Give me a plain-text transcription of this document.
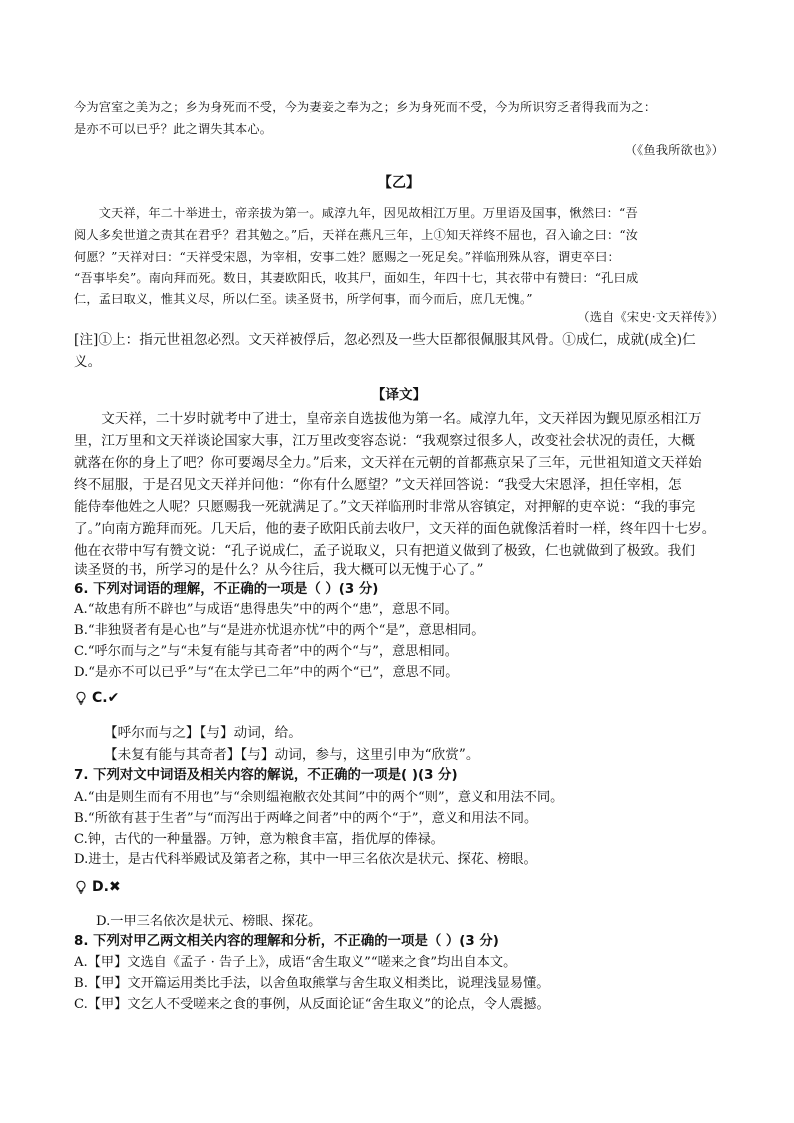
今为宫室之美为之；乡为身死而不受，今为妻妾之奉为之；乡为身死而不受，今为所识穷乏者得我而为之：
是亦不可以已乎？此之谓失其本心。
（《鱼我所欲也》）
【乙】
　　文天祥，年二十举进士，帝亲拔为第一。咸淳九年，因见故相江万里。万里语及国事，愀然曰：“吾
阅人多矣世道之责其在君乎？君其勉之。”后，天祥在燕凡三年，上①知天祥终不屈也，召入谕之曰：“汝
何愿？”天祥对曰：“天祥受宋恩，为宰相，安事二姓？愿赐之一死足矣。”祥临刑殊从容，谓吏卒曰：
“吾事毕矣”。南向拜而死。数日，其妻欧阳氏，收其尸，面如生，年四十七，其衣带中有赞曰：“孔曰成
仁，孟曰取义，惟其义尽，所以仁至。读圣贤书，所学何事，而今而后，庶几无愧。”
（选自《宋史·文天祥传》）
[注]①上：指元世祖忽必烈。文天祥被俘后，忽必烈及一些大臣都很佩服其风骨。①成仁，成就(成全)仁
义。
【译文】
　　文天祥，二十岁时就考中了进士，皇帝亲自选拔他为第一名。咸淳九年，文天祥因为觐见原丞相江万
里，江万里和文天祥谈论国家大事，江万里改变容态说：“我观察过很多人，改变社会状况的责任，大概
就落在你的身上了吧？你可要竭尽全力。”后来，文天祥在元朝的首都燕京呆了三年，元世祖知道文天祥始
终不屈服，于是召见文天祥并问他：“你有什么愿望？”文天祥回答说：“我受大宋恩泽，担任宰相，怎
能侍奉他姓之人呢？只愿赐我一死就满足了。”文天祥临刑时非常从容镇定，对押解的吏卒说：“我的事完
了。”向南方跪拜而死。几天后，他的妻子欧阳氏前去收尸，文天祥的面色就像活着时一样，终年四十七岁。
他在衣带中写有赞文说：“孔子说成仁，孟子说取义，只有把道义做到了极致，仁也就做到了极致。我们
读圣贤的书，所学习的是什么？从今往后，我大概可以无愧于心了。”
6. 下列对词语的理解，不正确的一项是（ ）(3 分)
A.“故患有所不辟也”与成语“患得患失”中的两个“患”，意思不同。
B.“非独贤者有是心也”与“是进亦忧退亦忧”中的两个“是”，意思相同。
C.“呼尔而与之”与“未复有能与其奇者”中的两个“与”，意思相同。
D.“是亦不可以已乎”与“在太学已二年”中的两个“已”，意思不同。
C.✔
【呼尔而与之】【与】动词，给。
【未复有能与其奇者】【与】动词，参与，这里引申为“欣赏”。
7. 下列对文中词语及相关内容的解说，不正确的一项是( )(3 分)
A.“由是则生而有不用也”与“余则缊袍敝衣处其间”中的两个“则”，意义和用法不同。
B.“所欲有甚于生者”与“而泻出于两峰之间者”中的两个“于”，意义和用法不同。
C.钟，古代的一种量器。万钟，意为粮食丰富，指优厚的俸禄。
D.进士，是古代科举殿试及第者之称，其中一甲三名依次是状元、探花、榜眼。
D.✖
D.一甲三名依次是状元、榜眼、探花。
8. 下列对甲乙两文相关内容的理解和分析，不正确的一项是（ ）(3 分)
A.【甲】文选自《孟子 · 告子上》，成语“舍生取义”“嗟来之食”均出自本文。
B.【甲】文开篇运用类比手法，以舍鱼取熊掌与舍生取义相类比，说理浅显易懂。
C.【甲】文乞人不受嗟来之食的事例，从反面论证“舍生取义”的论点，令人震撼。
